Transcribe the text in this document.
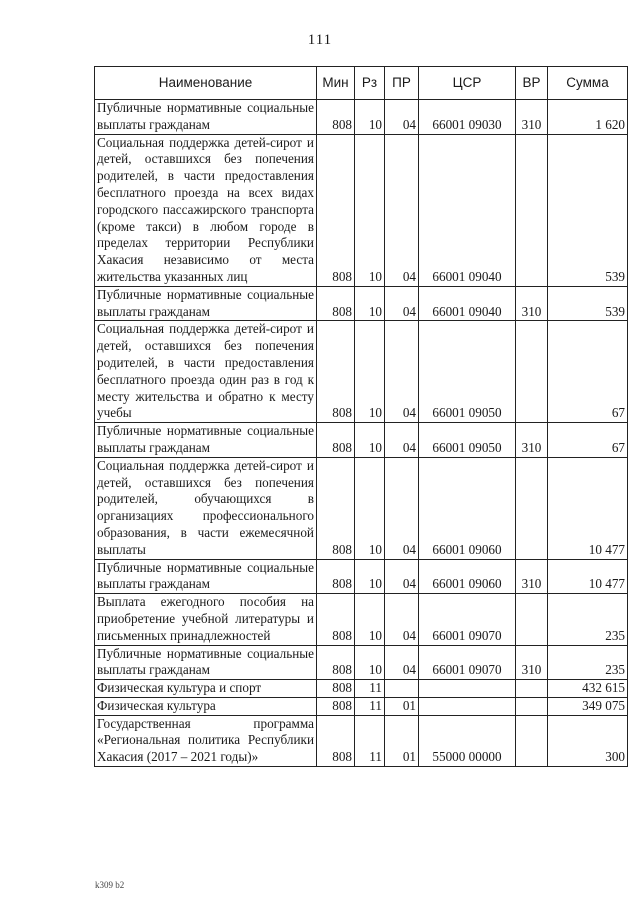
111
Наименование	Мин	Рз	ПР	ЦСР	ВР	Сумма
Публичные нормативные социальные выплаты гражданам	808	10	04	66001 09030	310	1 620
Социальная поддержка детей-сирот и детей, оставшихся без попечения родителей, в части предоставления бесплатного проезда на всех видах городского пассажирского транспорта (кроме такси) в любом городе в пределах территории Республики Хакасия независимо от места жительства указанных лиц	808	10	04	66001 09040		539
Публичные нормативные социальные выплаты гражданам	808	10	04	66001 09040	310	539
Социальная поддержка детей-сирот и детей, оставшихся без попечения родителей, в части предоставления бесплатного проезда один раз в год к месту жительства и обратно к месту учебы	808	10	04	66001 09050		67
Публичные нормативные социальные выплаты гражданам	808	10	04	66001 09050	310	67
Социальная поддержка детей-сирот и детей, оставшихся без попечения родителей, обучающихся в организациях профессионального образования, в части ежемесячной выплаты	808	10	04	66001 09060		10 477
Публичные нормативные социальные выплаты гражданам	808	10	04	66001 09060	310	10 477
Выплата ежегодного пособия на приобретение учебной литературы и письменных принадлежностей	808	10	04	66001 09070		235
Публичные нормативные социальные выплаты гражданам	808	10	04	66001 09070	310	235
Физическая культура и спорт	808	11				432 615
Физическая культура	808	11	01			349 075
Государственная программа «Региональная политика Республики Хакасия (2017 – 2021 годы)»	808	11	01	55000 00000		300
k309 b2
